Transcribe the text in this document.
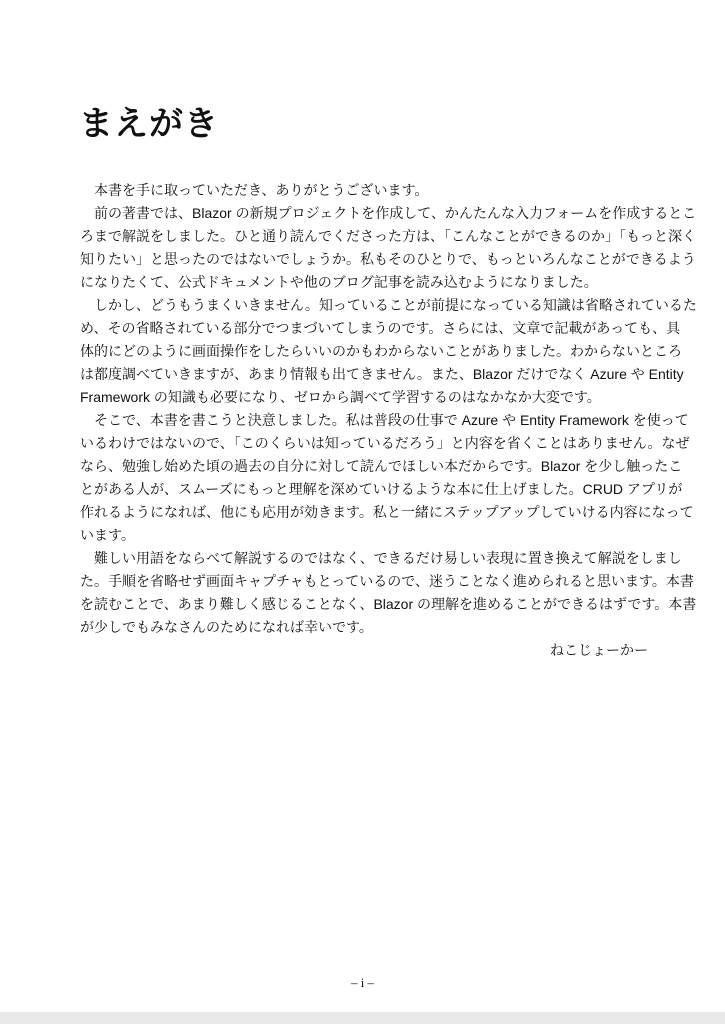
まえがき
本書を手に取っていただき、ありがとうございます。
前の著書では、Blazor の新規プロジェクトを作成して、かんたんな入力フォームを作成するとこ
ろまで解説をしました。ひと通り読んでくださった方は、「こんなことができるのか」「もっと深く
知りたい」と思ったのではないでしょうか。私もそのひとりで、もっといろんなことができるよう
になりたくて、公式ドキュメントや他のブログ記事を読み込むようになりました。
しかし、どうもうまくいきません。知っていることが前提になっている知識は省略されているた
め、その省略されている部分でつまづいてしまうのです。さらには、文章で記載があっても、具
体的にどのように画面操作をしたらいいのかもわからないことがありました。わからないところ
は都度調べていきますが、あまり情報も出てきません。また、Blazor だけでなく Azure や Entity
Framework の知識も必要になり、ゼロから調べて学習するのはなかなか大変です。
そこで、本書を書こうと決意しました。私は普段の仕事で Azure や Entity Framework を使って
いるわけではないので、「このくらいは知っているだろう」と内容を省くことはありません。なぜ
なら、勉強し始めた頃の過去の自分に対して読んでほしい本だからです。Blazor を少し触ったこ
とがある人が、スムーズにもっと理解を深めていけるような本に仕上げました。CRUD アプリが
作れるようになれば、他にも応用が効きます。私と一緒にステップアップしていける内容になって
います。
難しい用語をならべて解説するのではなく、できるだけ易しい表現に置き換えて解説をしまし
た。手順を省略せず画面キャプチャもとっているので、迷うことなく進められると思います。本書
を読むことで、あまり難しく感じることなく、Blazor の理解を進めることができるはずです。本書
が少しでもみなさんのためになれば幸いです。
ねこじょーかー
– i –
